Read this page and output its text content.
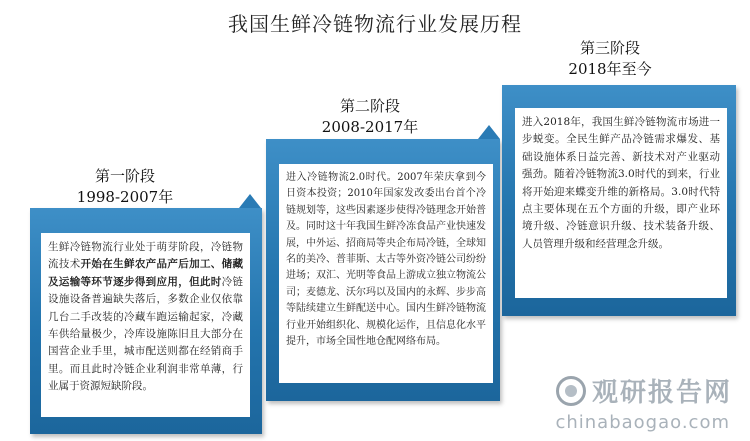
我国生鲜冷链物流行业发展历程
第一阶段
1998-2007年
生鲜冷链物流行业处于萌芽阶段，冷链物流技术开始在生鲜农产品产后加工、储藏及运输等环节逐步得到应用，但此时冷链设施设备普遍缺失落后，多数企业仅依靠几台二手改装的冷藏车跑运输起家，冷藏车供给量极少，冷库设施陈旧且大部分在国营企业手里，城市配送则都在经销商手里。而且此时冷链企业利润非常单薄，行业属于资源短缺阶段。
第二阶段
2008-2017年
进入冷链物流2.0时代。2007年荣庆拿到今日资本投资；2010年国家发改委出台首个冷链规划等，这些因素逐步使得冷链理念开始普及。同时这十年我国生鲜冷冻食品产业快速发展，中外运、招商局等央企布局冷链，全球知名的美冷、普菲斯、太古等外资冷链公司纷纷进场；双汇、光明等食品上游成立独立物流公司；麦德龙、沃尔玛以及国内的永辉、步步高等陆续建立生鲜配送中心。国内生鲜冷链物流行业开始组织化、规模化运作，且信息化水平提升，市场全国性地仓配网络布局。
第三阶段
2018年至今
进入2018年，我国生鲜冷链物流市场进一步蜕变。全民生鲜产品冷链需求爆发、基础设施体系日益完善、新技术对产业驱动强劲。随着冷链物流3.0时代的到来，行业将开始迎来蝶变升维的新格局。3.0时代特点主要体现在五个方面的升级，即产业环境升级、冷链意识升级、技术装备升级、人员管理升级和经营理念升级。
观研报告网
chinabaogao.com
